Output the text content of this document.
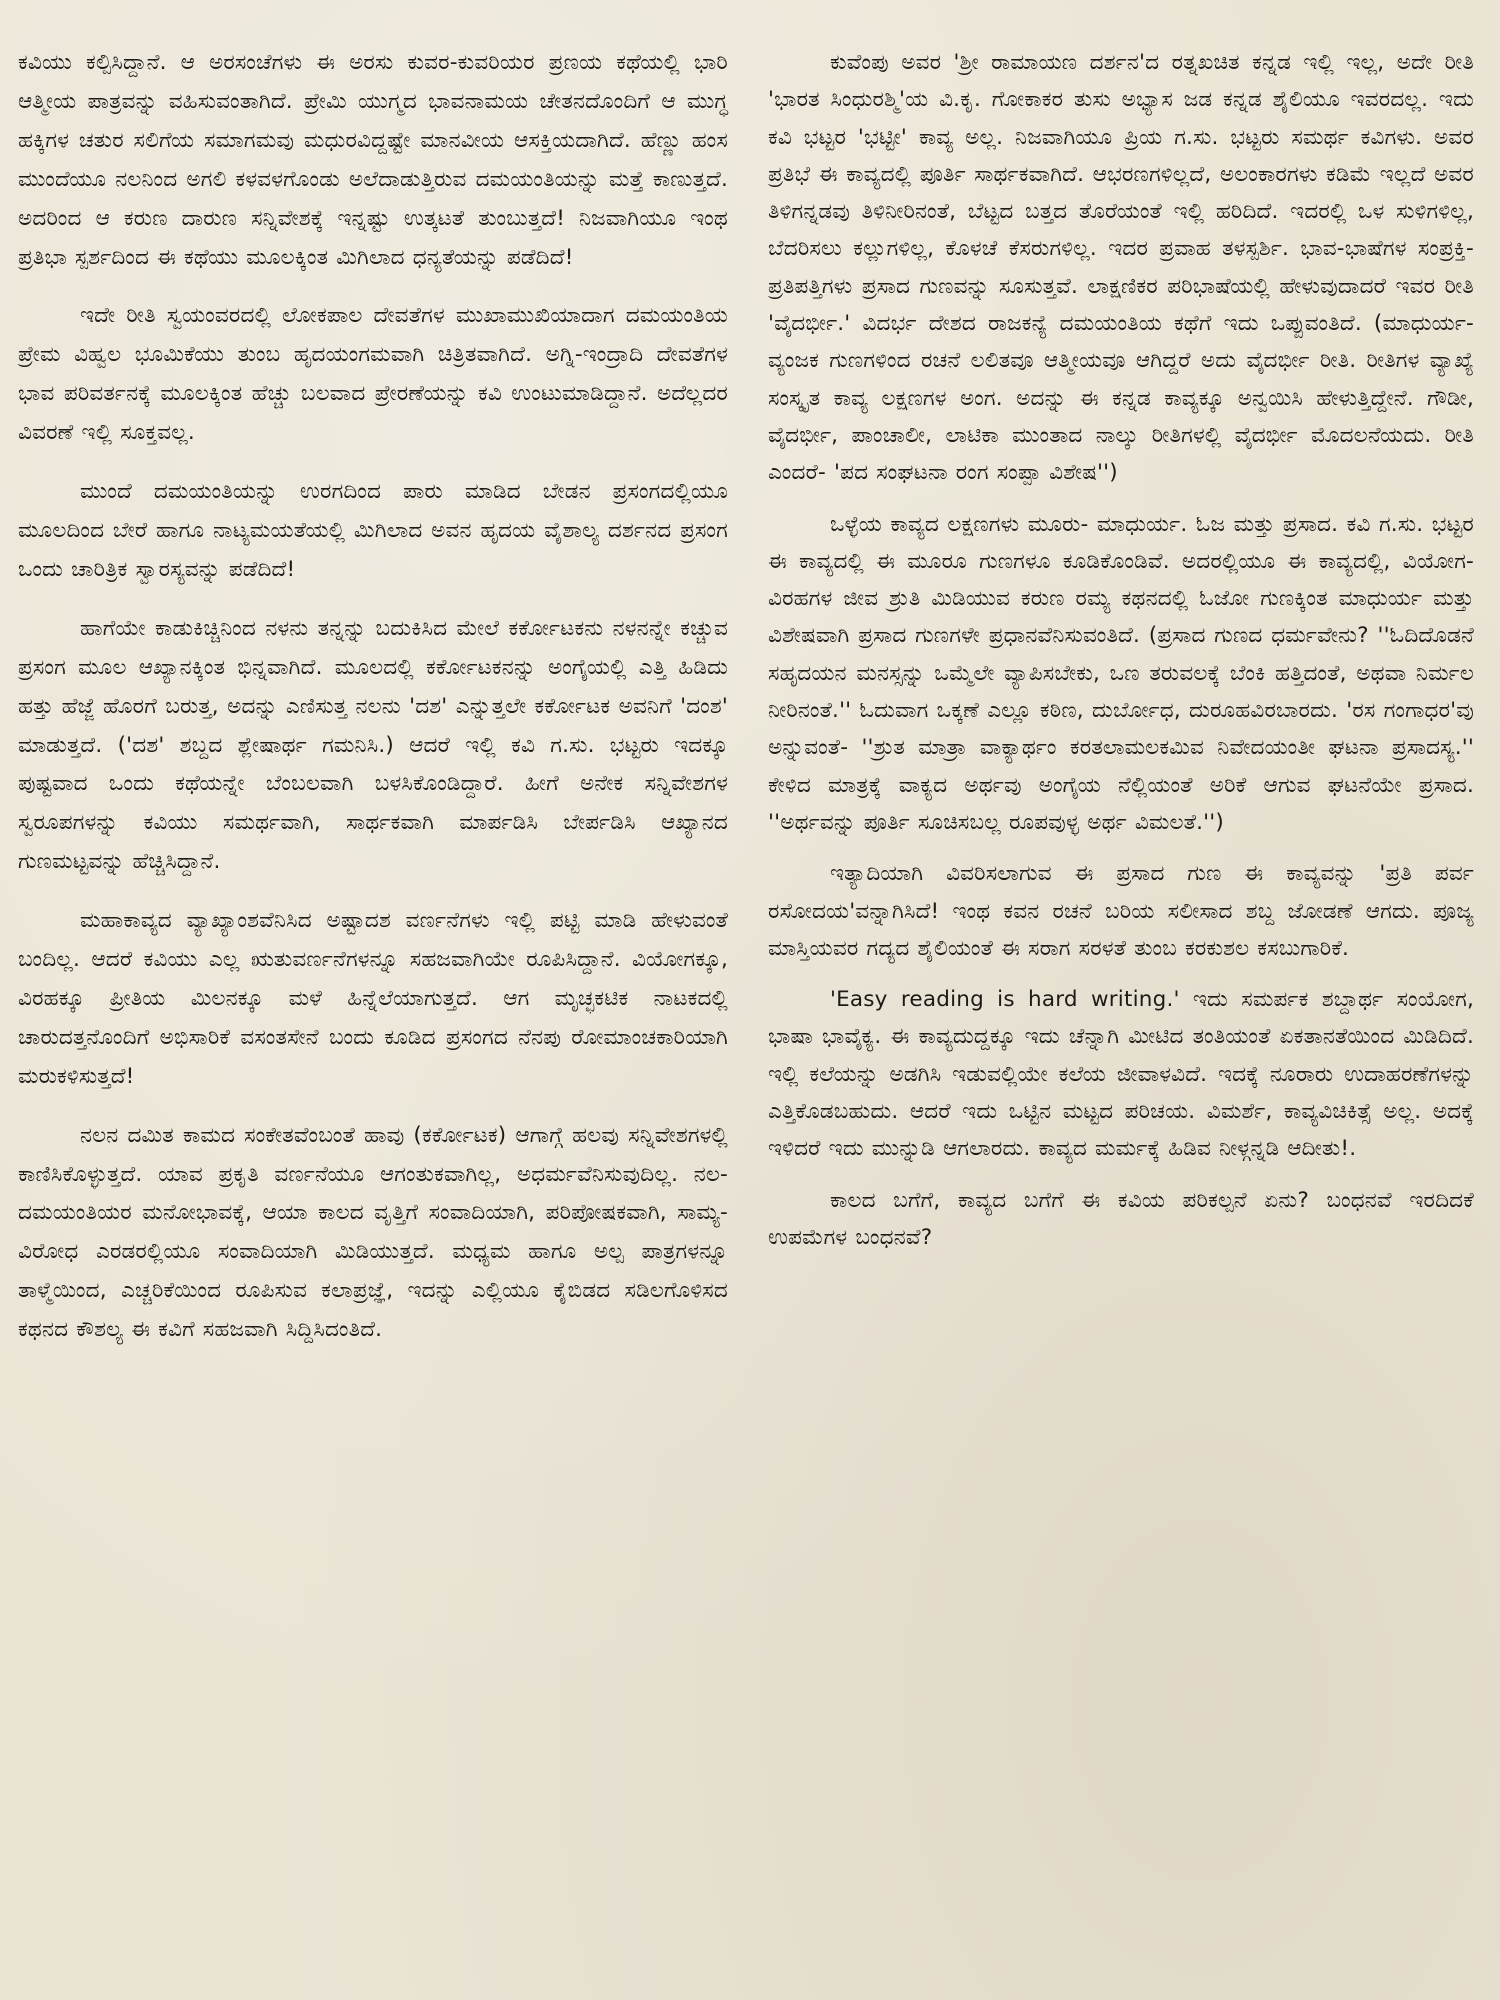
ಕವಿಯು ಕಲ್ಪಿಸಿದ್ದಾನೆ. ಆ ಅರಸಂಚೆಗಳು ಈ ಅರಸು ಕುವರ-ಕುವರಿಯರ ಪ್ರಣಯ ಕಥೆಯಲ್ಲಿ ಭಾರಿ ಆತ್ಮೀಯ ಪಾತ್ರವನ್ನು ವಹಿಸುವಂತಾಗಿದೆ. ಪ್ರೇಮಿ ಯುಗ್ಮದ ಭಾವನಾಮಯ ಚೇತನದೊಂದಿಗೆ ಆ ಮುಗ್ಧ ಹಕ್ಕಿಗಳ ಚತುರ ಸಲಿಗೆಯ ಸಮಾಗಮವು ಮಧುರವಿದ್ದಷ್ಟೇ ಮಾನವೀಯ ಆಸಕ್ತಿಯದಾಗಿದೆ. ಹೆಣ್ಣು ಹಂಸ ಮುಂದೆಯೂ ನಲನಿಂದ ಅಗಲಿ ಕಳವಳಗೊಂಡು ಅಲೆದಾಡುತ್ತಿರುವ ದಮಯಂತಿಯನ್ನು ಮತ್ತೆ ಕಾಣುತ್ತದೆ. ಅದರಿಂದ ಆ ಕರುಣ ದಾರುಣ ಸನ್ನಿವೇಶಕ್ಕೆ ಇನ್ನಷ್ಟು ಉತ್ಕಟತೆ ತುಂಬುತ್ತದೆ! ನಿಜವಾಗಿಯೂ ಇಂಥ ಪ್ರತಿಭಾ ಸ್ಪರ್ಶದಿಂದ ಈ ಕಥೆಯು ಮೂಲಕ್ಕಿಂತ ಮಿಗಿಲಾದ ಧನ್ಯತೆಯನ್ನು ಪಡೆದಿದೆ!

ಇದೇ ರೀತಿ ಸ್ವಯಂವರದಲ್ಲಿ ಲೋಕಪಾಲ ದೇವತೆಗಳ ಮುಖಾಮುಖಿಯಾದಾಗ ದಮಯಂತಿಯ ಪ್ರೇಮ ವಿಹ್ವಲ ಭೂಮಿಕೆಯು ತುಂಬ ಹೃದಯಂಗಮವಾಗಿ ಚಿತ್ರಿತವಾಗಿದೆ. ಅಗ್ನಿ-ಇಂದ್ರಾದಿ ದೇವತೆಗಳ ಭಾವ ಪರಿವರ್ತನಕ್ಕೆ ಮೂಲಕ್ಕಿಂತ ಹೆಚ್ಚು ಬಲವಾದ ಪ್ರೇರಣೆಯನ್ನು ಕವಿ ಉಂಟುಮಾಡಿದ್ದಾನೆ. ಅದೆಲ್ಲದರ ವಿವರಣೆ ಇಲ್ಲಿ ಸೂಕ್ತವಲ್ಲ.

ಮುಂದೆ ದಮಯಂತಿಯನ್ನು ಉರಗದಿಂದ ಪಾರು ಮಾಡಿದ ಬೇಡನ ಪ್ರಸಂಗದಲ್ಲಿಯೂ ಮೂಲದಿಂದ ಬೇರೆ ಹಾಗೂ ನಾಟ್ಯಮಯತೆಯಲ್ಲಿ ಮಿಗಿಲಾದ ಅವನ ಹೃದಯ ವೈಶಾಲ್ಯ ದರ್ಶನದ ಪ್ರಸಂಗ ಒಂದು ಚಾರಿತ್ರಿಕ ಸ್ವಾರಸ್ಯವನ್ನು ಪಡೆದಿದೆ!

ಹಾಗೆಯೇ ಕಾಡುಕಿಚ್ಚಿನಿಂದ ನಳನು ತನ್ನನ್ನು ಬದುಕಿಸಿದ ಮೇಲೆ ಕರ್ಕೋಟಕನು ನಳನನ್ನೇ ಕಚ್ಚುವ ಪ್ರಸಂಗ ಮೂಲ ಆಖ್ಯಾನಕ್ಕಿಂತ ಭಿನ್ನವಾಗಿದೆ. ಮೂಲದಲ್ಲಿ ಕರ್ಕೋಟಕನನ್ನು ಅಂಗೈಯಲ್ಲಿ ಎತ್ತಿ ಹಿಡಿದು ಹತ್ತು ಹೆಜ್ಜೆ ಹೊರಗೆ ಬರುತ್ತ, ಅದನ್ನು ಎಣಿಸುತ್ತ ನಲನು 'ದಶ' ಎನ್ನುತ್ತಲೇ ಕರ್ಕೋಟಕ ಅವನಿಗೆ 'ದಂಶ' ಮಾಡುತ್ತದೆ. ('ದಶ' ಶಬ್ದದ ಶ್ಲೇಷಾರ್ಥ ಗಮನಿಸಿ.) ಆದರೆ ಇಲ್ಲಿ ಕವಿ ಗ.ಸು. ಭಟ್ಟರು ಇದಕ್ಕೂ ಪುಷ್ಟವಾದ ಒಂದು ಕಥೆಯನ್ನೇ ಬೆಂಬಲವಾಗಿ ಬಳಸಿಕೊಂಡಿದ್ದಾರೆ. ಹೀಗೆ ಅನೇಕ ಸನ್ನಿವೇಶಗಳ ಸ್ವರೂಪಗಳನ್ನು ಕವಿಯು ಸಮರ್ಥವಾಗಿ, ಸಾರ್ಥಕವಾಗಿ ಮಾರ್ಪಡಿಸಿ ಬೇರ್ಪಡಿಸಿ ಆಖ್ಯಾನದ ಗುಣಮಟ್ಟವನ್ನು ಹೆಚ್ಚಿಸಿದ್ದಾನೆ.

ಮಹಾಕಾವ್ಯದ ವ್ಯಾಖ್ಯಾಂಶವೆನಿಸಿದ ಅಷ್ಟಾದಶ ವರ್ಣನೆಗಳು ಇಲ್ಲಿ ಪಟ್ಟಿ ಮಾಡಿ ಹೇಳುವಂತೆ ಬಂದಿಲ್ಲ. ಆದರೆ ಕವಿಯು ಎಲ್ಲ ಋತುವರ್ಣನೆಗಳನ್ನೂ ಸಹಜವಾಗಿಯೇ ರೂಪಿಸಿದ್ದಾನೆ. ವಿಯೋಗಕ್ಕೂ, ವಿರಹಕ್ಕೂ ಪ್ರೀತಿಯ ಮಿಲನಕ್ಕೂ ಮಳೆ ಹಿನ್ನೆಲೆಯಾಗುತ್ತದೆ. ಆಗ ಮೃಚ್ಛಕಟಿಕ ನಾಟಕದಲ್ಲಿ ಚಾರುದತ್ತನೊಂದಿಗೆ ಅಭಿಸಾರಿಕೆ ವಸಂತಸೇನೆ ಬಂದು ಕೂಡಿದ ಪ್ರಸಂಗದ ನೆನಪು ರೋಮಾಂಚಕಾರಿಯಾಗಿ ಮರುಕಳಿಸುತ್ತದೆ!

ನಲನ ದಮಿತ ಕಾಮದ ಸಂಕೇತವೆಂಬಂತೆ ಹಾವು (ಕರ್ಕೋಟಕ) ಆಗಾಗ್ಗೆ ಹಲವು ಸನ್ನಿವೇಶಗಳಲ್ಲಿ ಕಾಣಿಸಿಕೊಳ್ಳುತ್ತದೆ. ಯಾವ ಪ್ರಕೃತಿ ವರ್ಣನೆಯೂ ಆಗಂತುಕವಾಗಿಲ್ಲ, ಅಧರ್ಮವೆನಿಸುವುದಿಲ್ಲ. ನಲ-ದಮಯಂತಿಯರ ಮನೋಭಾವಕ್ಕೆ, ಆಯಾ ಕಾಲದ ವೃತ್ತಿಗೆ ಸಂವಾದಿಯಾಗಿ, ಪರಿಪೋಷಕವಾಗಿ, ಸಾಮ್ಯ-ವಿರೋಧ ಎರಡರಲ್ಲಿಯೂ ಸಂವಾದಿಯಾಗಿ ಮಿಡಿಯುತ್ತದೆ. ಮಧ್ಯಮ ಹಾಗೂ ಅಲ್ಪ ಪಾತ್ರಗಳನ್ನೂ ತಾಳ್ಮೆಯಿಂದ, ಎಚ್ಚರಿಕೆಯಿಂದ ರೂಪಿಸುವ ಕಲಾಪ್ರಜ್ಞೆ, ಇದನ್ನು ಎಲ್ಲಿಯೂ ಕೈಬಿಡದ ಸಡಿಲಗೊಳಿಸದ ಕಥನದ ಕೌಶಲ್ಯ ಈ ಕವಿಗೆ ಸಹಜವಾಗಿ ಸಿದ್ದಿಸಿದಂತಿದೆ.

ಕುವೆಂಪು ಅವರ 'ಶ್ರೀ ರಾಮಾಯಣ ದರ್ಶನ'ದ ರತ್ನಖಚಿತ ಕನ್ನಡ ಇಲ್ಲಿ ಇಲ್ಲ, ಅದೇ ರೀತಿ 'ಭಾರತ ಸಿಂಧುರಶ್ಮಿ'ಯ ವಿ.ಕೃ. ಗೋಕಾಕರ ತುಸು ಅಭ್ಯಾಸ ಜಡ ಕನ್ನಡ ಶೈಲಿಯೂ ಇವರದಲ್ಲ. ಇದು ಕವಿ ಭಟ್ಟರ 'ಭಟ್ಟೀ' ಕಾವ್ಯ ಅಲ್ಲ. ನಿಜವಾಗಿಯೂ ಪ್ರಿಯ ಗ.ಸು. ಭಟ್ಟರು ಸಮರ್ಥ ಕವಿಗಳು. ಅವರ ಪ್ರತಿಭೆ ಈ ಕಾವ್ಯದಲ್ಲಿ ಪೂರ್ತಿ ಸಾರ್ಥಕವಾಗಿದೆ. ಆಭರಣಗಳಿಲ್ಲದೆ, ಅಲಂಕಾರಗಳು ಕಡಿಮೆ ಇಲ್ಲದೆ ಅವರ ತಿಳಿಗನ್ನಡವು ತಿಳಿನೀರಿನಂತೆ, ಬೆಟ್ಟದ ಬತ್ತದ ತೊರೆಯಂತೆ ಇಲ್ಲಿ ಹರಿದಿದೆ. ಇದರಲ್ಲಿ ಒಳ ಸುಳಿಗಳಿಲ್ಲ, ಬೆದರಿಸಲು ಕಲ್ಲುಗಳಿಲ್ಲ, ಕೊಳಚೆ ಕೆಸರುಗಳಿಲ್ಲ. ಇದರ ಪ್ರವಾಹ ತಳಸ್ಪರ್ಶಿ. ಭಾವ-ಭಾಷೆಗಳ ಸಂಪ್ರಕ್ತಿ-ಪ್ರತಿಪತ್ತಿಗಳು ಪ್ರಸಾದ ಗುಣವನ್ನು ಸೂಸುತ್ತವೆ. ಲಾಕ್ಷಣಿಕರ ಪರಿಭಾಷೆಯಲ್ಲಿ ಹೇಳುವುದಾದರೆ ಇವರ ರೀತಿ 'ವೈದರ್ಭೀ.' ವಿದರ್ಭ ದೇಶದ ರಾಜಕನ್ಯೆ ದಮಯಂತಿಯ ಕಥೆಗೆ ಇದು ಒಪ್ಪುವಂತಿದೆ. (ಮಾಧುರ್ಯ-ವ್ಯಂಜಕ ಗುಣಗಳಿಂದ ರಚನೆ ಲಲಿತವೂ ಆತ್ಮೀಯವೂ ಆಗಿದ್ದರೆ ಅದು ವೈದರ್ಭೀ ರೀತಿ. ರೀತಿಗಳ ವ್ಯಾಖ್ಯೆ ಸಂಸ್ಕೃತ ಕಾವ್ಯ ಲಕ್ಷಣಗಳ ಅಂಗ. ಅದನ್ನು ಈ ಕನ್ನಡ ಕಾವ್ಯಕ್ಕೂ ಅನ್ವಯಿಸಿ ಹೇಳುತ್ತಿದ್ದೇನೆ. ಗೌಡೀ, ವೈದರ್ಭೀ, ಪಾಂಚಾಲೀ, ಲಾಟಿಕಾ ಮುಂತಾದ ನಾಲ್ಕು ರೀತಿಗಳಲ್ಲಿ ವೈದರ್ಭೀ ಮೊದಲನೆಯದು. ರೀತಿ ಎಂದರೆ- 'ಪದ ಸಂಘಟನಾ ರಂಗ ಸಂಪ್ಪಾ ವಿಶೇಷ'')

ಒಳ್ಳೆಯ ಕಾವ್ಯದ ಲಕ್ಷಣಗಳು ಮೂರು- ಮಾಧುರ್ಯ. ಓಜ ಮತ್ತು ಪ್ರಸಾದ. ಕವಿ ಗ.ಸು. ಭಟ್ಟರ ಈ ಕಾವ್ಯದಲ್ಲಿ ಈ ಮೂರೂ ಗುಣಗಳೂ ಕೂಡಿಕೊಂಡಿವೆ. ಅದರಲ್ಲಿಯೂ ಈ ಕಾವ್ಯದಲ್ಲಿ, ವಿಯೋಗ-ವಿರಹಗಳ ಜೀವ ಶ್ರುತಿ ಮಿಡಿಯುವ ಕರುಣ ರಮ್ಯ ಕಥನದಲ್ಲಿ ಓಜೋ ಗುಣಕ್ಕಿಂತ ಮಾಧುರ್ಯ ಮತ್ತು ವಿಶೇಷವಾಗಿ ಪ್ರಸಾದ ಗುಣಗಳೇ ಪ್ರಧಾನವೆನಿಸುವಂತಿದೆ. (ಪ್ರಸಾದ ಗುಣದ ಧರ್ಮವೇನು? ''ಓದಿದೊಡನೆ ಸಹೃದಯನ ಮನಸ್ಸನ್ನು ಒಮ್ಮೆಲೇ ವ್ಯಾಪಿಸಬೇಕು, ಒಣ ತರುವಲಕ್ಕೆ ಬೆಂಕಿ ಹತ್ತಿದಂತೆ, ಅಥವಾ ನಿರ್ಮಲ ನೀರಿನಂತೆ.'' ಓದುವಾಗ ಒಕ್ಕಣೆ ಎಲ್ಲೂ ಕಠಿಣ, ದುರ್ಬೋಧ, ದುರೂಹವಿರಬಾರದು. 'ರಸ ಗಂಗಾಧರ'ವು ಅನ್ನುವಂತೆ- ''ಶ್ರುತ ಮಾತ್ರಾ ವಾಕ್ಯಾರ್ಥಂ ಕರತಲಾಮಲಕಮಿವ ನಿವೇದಯಂತೀ ಘಟನಾ ಪ್ರಸಾದಸ್ಯ.'' ಕೇಳಿದ ಮಾತ್ರಕ್ಕೆ ವಾಕ್ಯದ ಅರ್ಥವು ಅಂಗೈಯ ನೆಲ್ಲಿಯಂತೆ ಅರಿಕೆ ಆಗುವ ಘಟನೆಯೇ ಪ್ರಸಾದ. ''ಅರ್ಥವನ್ನು ಪೂರ್ತಿ ಸೂಚಿಸಬಲ್ಲ ರೂಪವುಳ್ಳ ಅರ್ಥ ವಿಮಲತೆ.'')

ಇತ್ಯಾದಿಯಾಗಿ ವಿವರಿಸಲಾಗುವ ಈ ಪ್ರಸಾದ ಗುಣ ಈ ಕಾವ್ಯವನ್ನು 'ಪ್ರತಿ ಪರ್ವ ರಸೋದಯ'ವನ್ನಾಗಿಸಿದೆ! ಇಂಥ ಕವನ ರಚನೆ ಬರಿಯ ಸಲೀಸಾದ ಶಬ್ದ ಜೋಡಣೆ ಆಗದು. ಪೂಜ್ಯ ಮಾಸ್ತಿಯವರ ಗದ್ಯದ ಶೈಲಿಯಂತೆ ಈ ಸರಾಗ ಸರಳತೆ ತುಂಬ ಕರಕುಶಲ ಕಸಬುಗಾರಿಕೆ.

'Easy reading is hard writing.' ಇದು ಸಮರ್ಪಕ ಶಬ್ದಾರ್ಥ ಸಂಯೋಗ, ಭಾಷಾ ಭಾವೈಕ್ಯ. ಈ ಕಾವ್ಯದುದ್ದಕ್ಕೂ ಇದು ಚೆನ್ನಾಗಿ ಮೀಟಿದ ತಂತಿಯಂತೆ ಏಕತಾನತೆಯಿಂದ ಮಿಡಿದಿದೆ. ಇಲ್ಲಿ ಕಲೆಯನ್ನು ಅಡಗಿಸಿ ಇಡುವಲ್ಲಿಯೇ ಕಲೆಯ ಜೀವಾಳವಿದೆ. ಇದಕ್ಕೆ ನೂರಾರು ಉದಾಹರಣೆಗಳನ್ನು ಎತ್ತಿಕೊಡಬಹುದು. ಆದರೆ ಇದು ಒಟ್ಟಿನ ಮಟ್ಟದ ಪರಿಚಯ. ವಿಮರ್ಶೆ, ಕಾವ್ಯವಿಚಿಕಿತ್ಸೆ ಅಲ್ಲ. ಅದಕ್ಕೆ ಇಳಿದರೆ ಇದು ಮುನ್ನುಡಿ ಆಗಲಾರದು. ಕಾವ್ಯದ ಮರ್ಮಕ್ಕೆ ಹಿಡಿವ ನೀಳ್ಗನ್ನಡಿ ಆದೀತು!.

ಕಾಲದ ಬಗೆಗೆ, ಕಾವ್ಯದ ಬಗೆಗೆ ಈ ಕವಿಯ ಪರಿಕಲ್ಪನೆ ಏನು? ಬಂಧನವೆ ಇರದಿದಕೆ ಉಪಮೆಗಳ ಬಂಧನವೆ?
